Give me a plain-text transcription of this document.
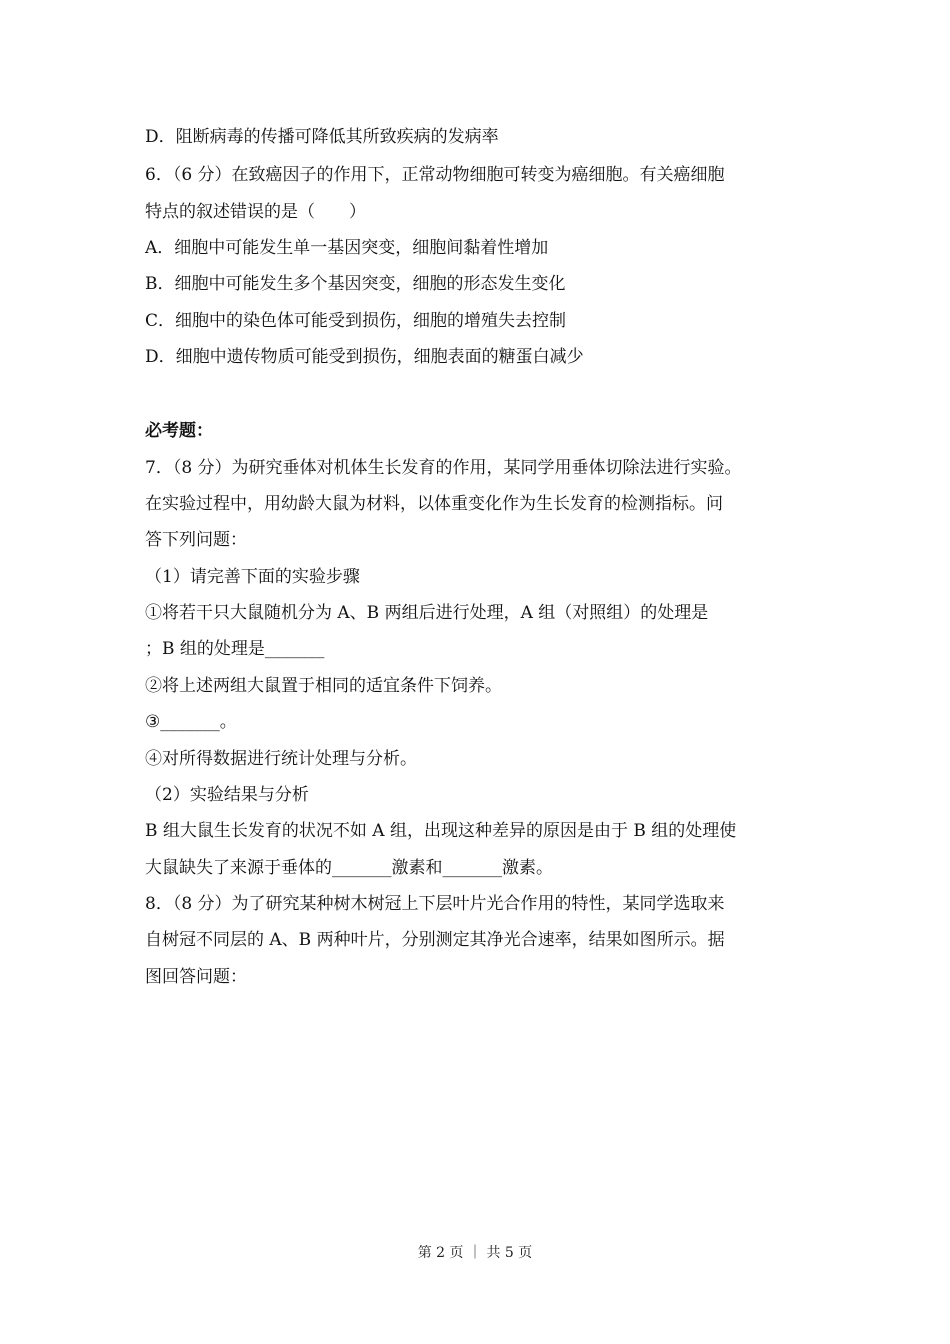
D．阻断病毒的传播可降低其所致疾病的发病率
6．（6 分）在致癌因子的作用下，正常动物细胞可转变为癌细胞。有关癌细胞
特点的叙述错误的是（　　）
A．细胞中可能发生单一基因突变，细胞间黏着性增加
B．细胞中可能发生多个基因突变，细胞的形态发生变化
C．细胞中的染色体可能受到损伤，细胞的增殖失去控制
D．细胞中遗传物质可能受到损伤，细胞表面的糖蛋白减少
必考题：
7．（8 分）为研究垂体对机体生长发育的作用，某同学用垂体切除法进行实验。
在实验过程中，用幼龄大鼠为材料，以体重变化作为生长发育的检测指标。问
答下列问题：
（1）请完善下面的实验步骤
①将若干只大鼠随机分为 A、B 两组后进行处理，A 组（对照组）的处理是
；B 组的处理是_______
②将上述两组大鼠置于相同的适宜条件下饲养。
③_______。
④对所得数据进行统计处理与分析。
（2）实验结果与分析
B 组大鼠生长发育的状况不如 A 组，出现这种差异的原因是由于 B 组的处理使
大鼠缺失了来源于垂体的_______激素和_______激素。
8．（8 分）为了研究某种树木树冠上下层叶片光合作用的特性，某同学选取来
自树冠不同层的 A、B 两种叶片，分别测定其净光合速率，结果如图所示。据
图回答问题：
第 2 页 ｜ 共 5 页
